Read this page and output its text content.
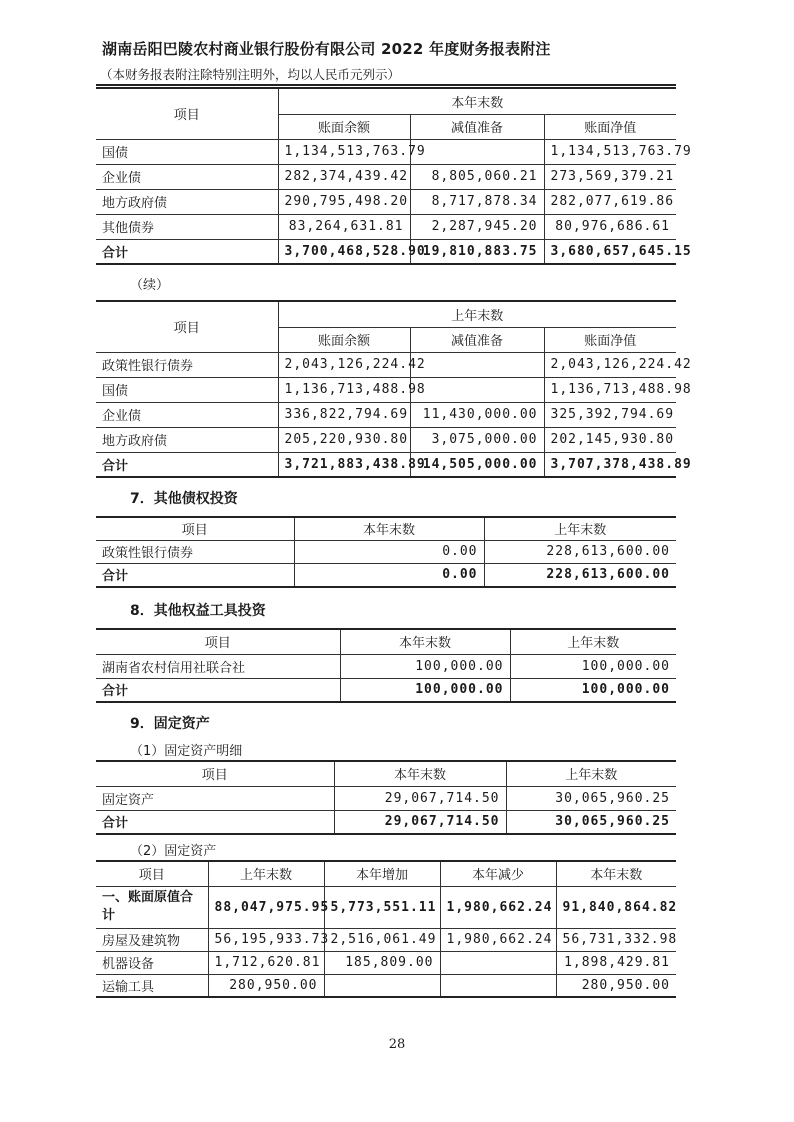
湖南岳阳巴陵农村商业银行股份有限公司 2022 年度财务报表附注
（本财务报表附注除特别注明外，均以人民币元列示）
项目	本年末数		
	账面余额	减值准备	账面净值
国债	1,134,513,763.79		1,134,513,763.79
企业债	282,374,439.42	8,805,060.21	273,569,379.21
地方政府债	290,795,498.20	8,717,878.34	282,077,619.86
其他债券	83,264,631.81	2,287,945.20	80,976,686.61
合计	3,700,468,528.90	19,810,883.75	3,680,657,645.15
（续）
项目	上年末数		
	账面余额	减值准备	账面净值
政策性银行债券	2,043,126,224.42		2,043,126,224.42
国债	1,136,713,488.98		1,136,713,488.98
企业债	336,822,794.69	11,430,000.00	325,392,794.69
地方政府债	205,220,930.80	3,075,000.00	202,145,930.80
合计	3,721,883,438.89	14,505,000.00	3,707,378,438.89
7．其他债权投资
项目	本年末数	上年末数
政策性银行债券	0.00	228,613,600.00
合计	0.00	228,613,600.00
8．其他权益工具投资
项目	本年末数	上年末数
湖南省农村信用社联合社	100,000.00	100,000.00
合计	100,000.00	100,000.00
9．固定资产
（1）固定资产明细
项目	本年末数	上年末数
固定资产	29,067,714.50	30,065,960.25
合计	29,067,714.50	30,065,960.25
（2）固定资产
项目	上年末数	本年增加	本年减少	本年末数
一、账面原值合计	88,047,975.95	5,773,551.11	1,980,662.24	91,840,864.82
房屋及建筑物	56,195,933.73	2,516,061.49	1,980,662.24	56,731,332.98
机器设备	1,712,620.81	185,809.00		1,898,429.81
运输工具	280,950.00			280,950.00
28
